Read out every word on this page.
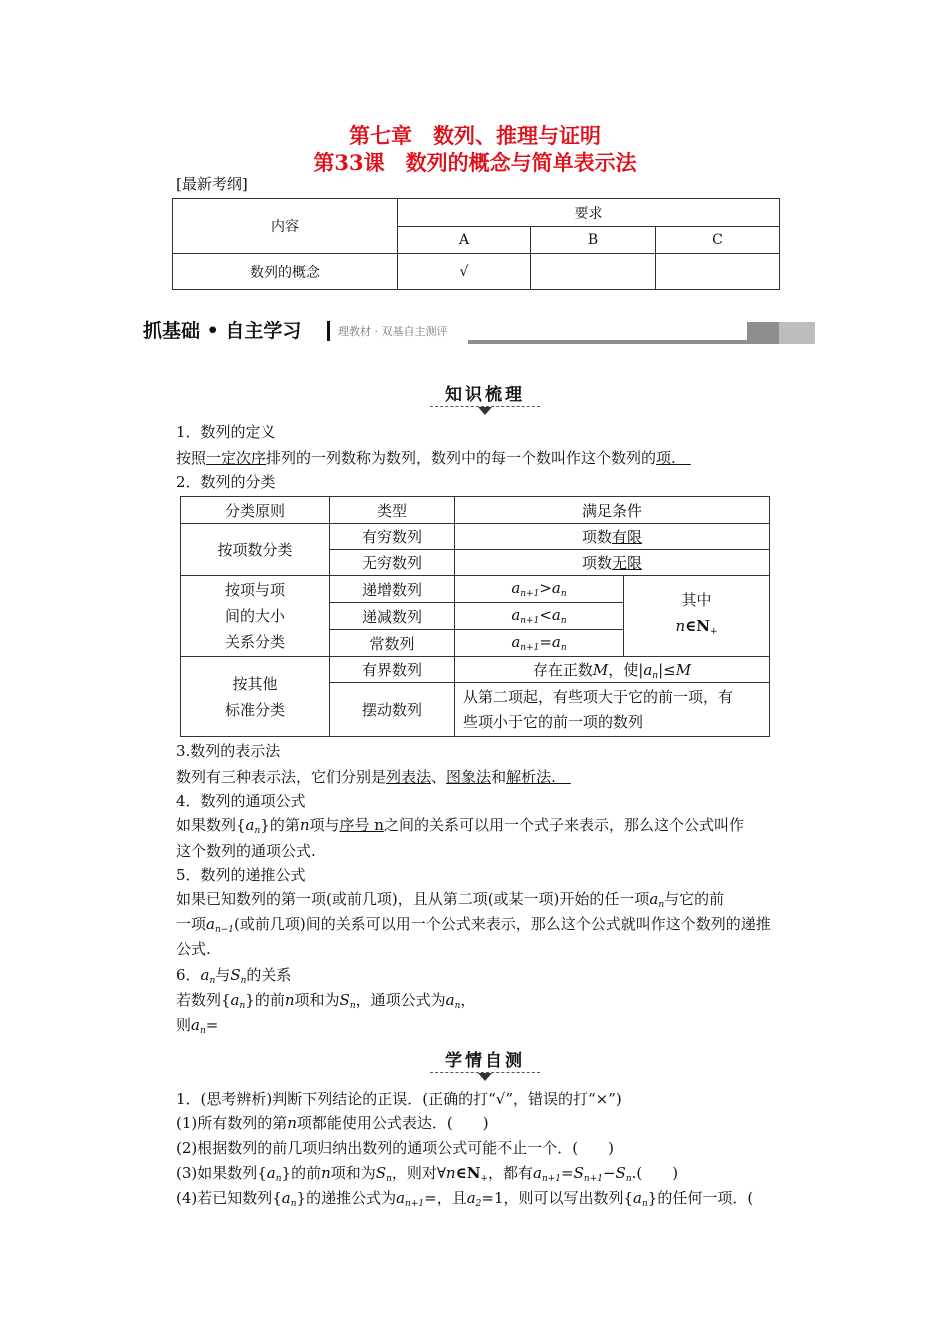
第七章　数列、推理与证明
第33课　数列的概念与简单表示法
[最新考纲]
内容	要求		
	A	B	C
数列的概念	√		
抓基础 • 自主学习	理教材 · 双基自主测评
知识梳理
1．数列的定义
按照一定次序排列的一列数称为数列，数列中的每一个数叫作这个数列的项.　
2．数列的分类
分类原则	类型	满足条件	
按项数分类	有穷数列	项数有限	
	无穷数列	项数无限	
按项与项
间的大小
关系分类	递增数列	$a_{n+1}>a_n$	其中
$n\in N_+$
	递减数列	$a_{n+1}<a_n$
	常数列	$a_{n+1}=a_n$
按其他
标准分类	有界数列	存在正数M，使$|a_n|\le M$	
	摆动数列	从第二项起，有些项大于它的前一项，有
些项小于它的前一项的数列	
3.数列的表示法
数列有三种表示法，它们分别是列表法、图象法和解析法.　
4．数列的通项公式
如果数列$\{a_n\}$的第n项与序号 n之间的关系可以用一个式子来表示，那么这个公式叫作
这个数列的通项公式.
5．数列的递推公式
如果已知数列的第一项(或前几项)，且从第二项(或某一项)开始的任一项$a_n$与它的前
一项$a_{n-1}$(或前几项)间的关系可以用一个公式来表示，那么这个公式就叫作这个数列的递推
公式.
6．$a_n$与$S_n$的关系
若数列$\{a_n\}$的前n项和为$S_n$，通项公式为$a_n$，
则$a_n=$
学情自测
1．(思考辨析)判断下列结论的正误．(正确的打“√”，错误的打“×”)
(1)所有数列的第n项都能使用公式表达．(　　)
(2)根据数列的前几项归纳出数列的通项公式可能不止一个．(　　)
(3)如果数列$\{a_n\}$的前n项和为$S_n$，则对$\forall n\in N_+$，都有$a_{n+1}=S_{n+1}-S_n$.(　　)
(4)若已知数列$\{a_n\}$的递推公式为$a_{n+1}=$，且$a_2=1$，则可以写出数列$\{a_n\}$的任何一项．(
